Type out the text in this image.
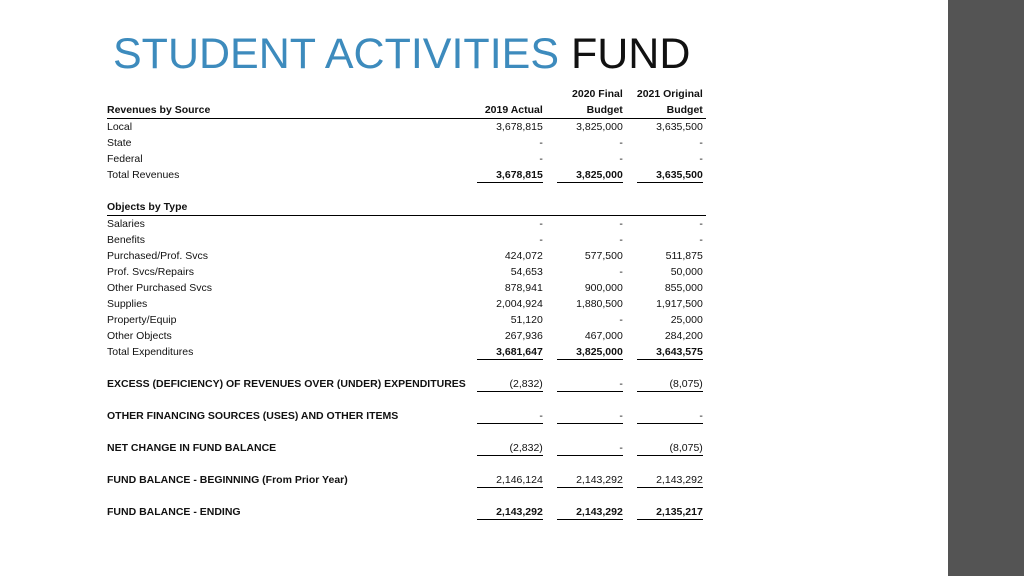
STUDENT ACTIVITIES FUND
		2020 Final	2021 Original
Revenues by Source	2019 Actual	Budget	Budget
Local	3,678,815	3,825,000	3,635,500
State	-	-	-
Federal	-	-	-
Total Revenues	3,678,815	3,825,000	3,635,500

Objects by Type			
Salaries	-	-	-
Benefits	-	-	-
Purchased/Prof. Svcs	424,072	577,500	511,875
Prof. Svcs/Repairs	54,653	-	50,000
Other Purchased Svcs	878,941	900,000	855,000
Supplies	2,004,924	1,880,500	1,917,500
Property/Equip	51,120	-	25,000
Other Objects	267,936	467,000	284,200
Total Expenditures	3,681,647	3,825,000	3,643,575

EXCESS (DEFICIENCY) OF REVENUES OVER (UNDER) EXPENDITURES	(2,832)	-	(8,075)

OTHER FINANCING SOURCES (USES) AND OTHER ITEMS	-	-	-

NET CHANGE IN FUND BALANCE	(2,832)	-	(8,075)

FUND BALANCE - BEGINNING (From Prior Year)	2,146,124	2,143,292	2,143,292

FUND BALANCE - ENDING	2,143,292	2,143,292	2,135,217
